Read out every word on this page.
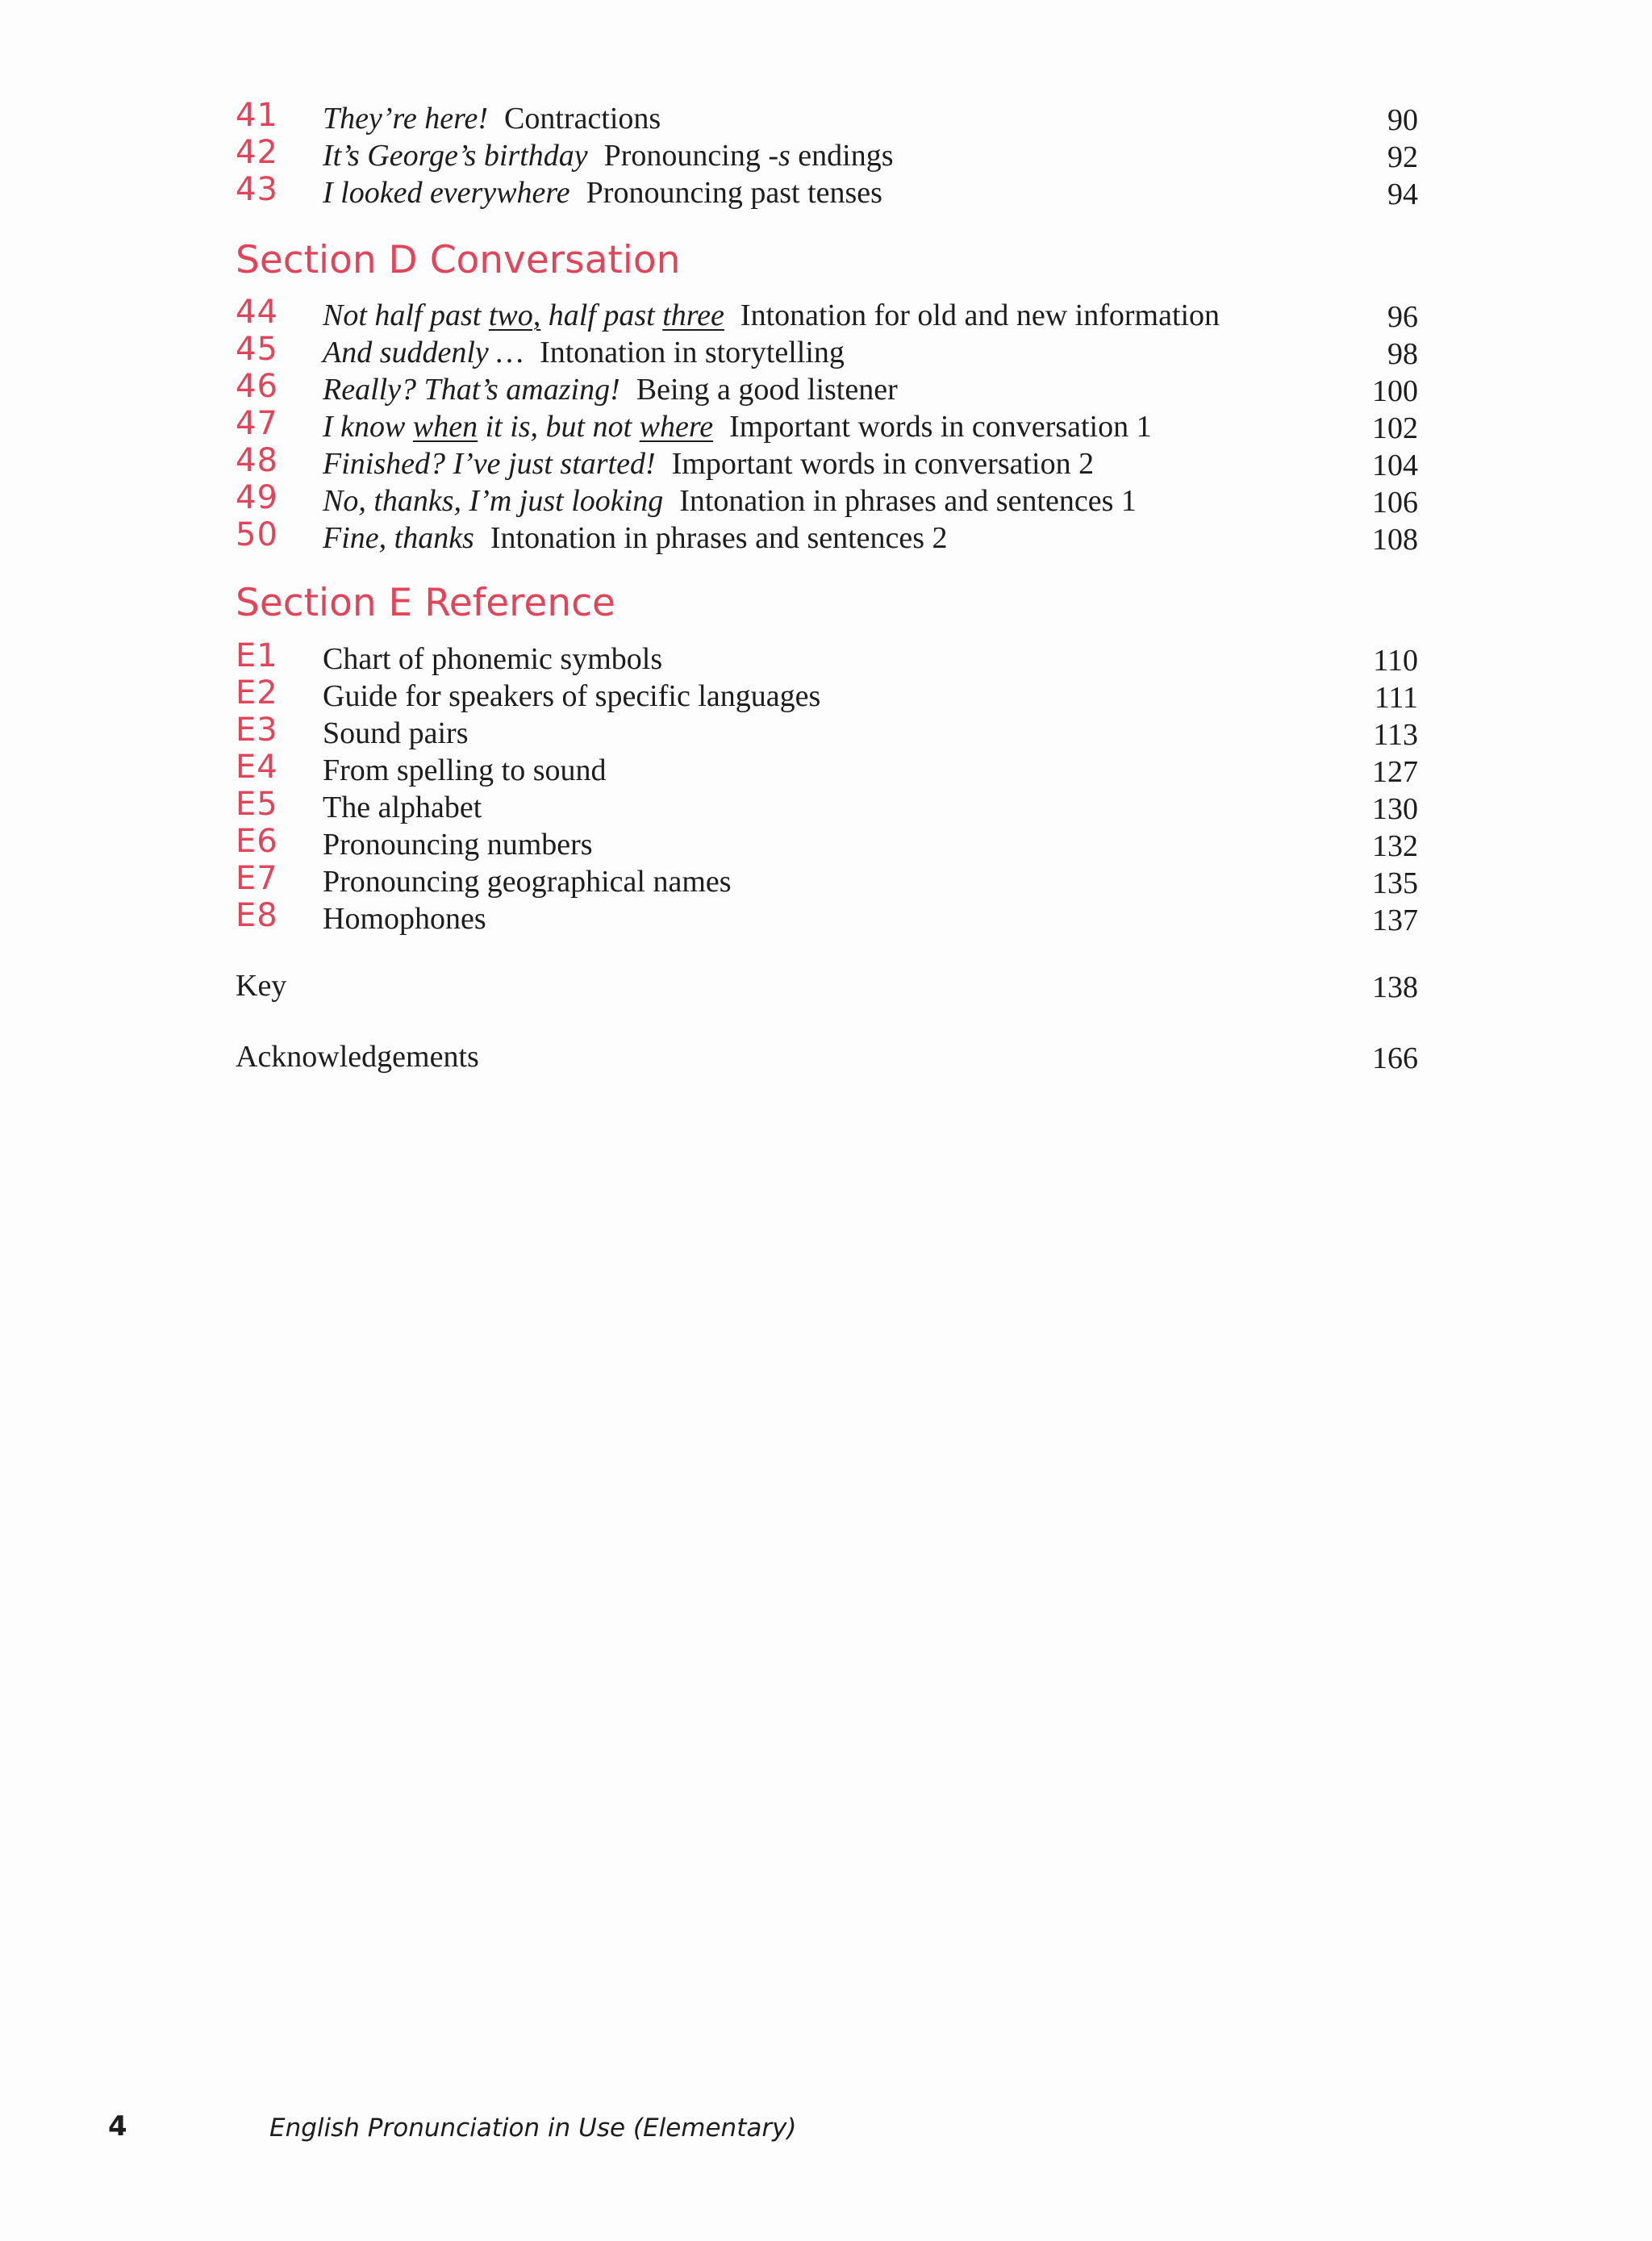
41 They’re here! Contractions	90
42 It’s George’s birthday Pronouncing -s endings	92
43 I looked everywhere Pronouncing past tenses	94
Section D Conversation
44 Not half past two, half past three Intonation for old and new information	96
45 And suddenly … Intonation in storytelling	98
46 Really? That’s amazing! Being a good listener	100
47 I know when it is, but not where Important words in conversation 1	102
48 Finished? I’ve just started! Important words in conversation 2	104
49 No, thanks, I’m just looking Intonation in phrases and sentences 1	106
50 Fine, thanks Intonation in phrases and sentences 2	108
Section E Reference
E1 Chart of phonemic symbols	110
E2 Guide for speakers of specific languages	111
E3 Sound pairs	113
E4 From spelling to sound	127
E5 The alphabet	130
E6 Pronouncing numbers	132
E7 Pronouncing geographical names	135
E8 Homophones	137
Key	138
Acknowledgements	166
4	English Pronunciation in Use (Elementary)
